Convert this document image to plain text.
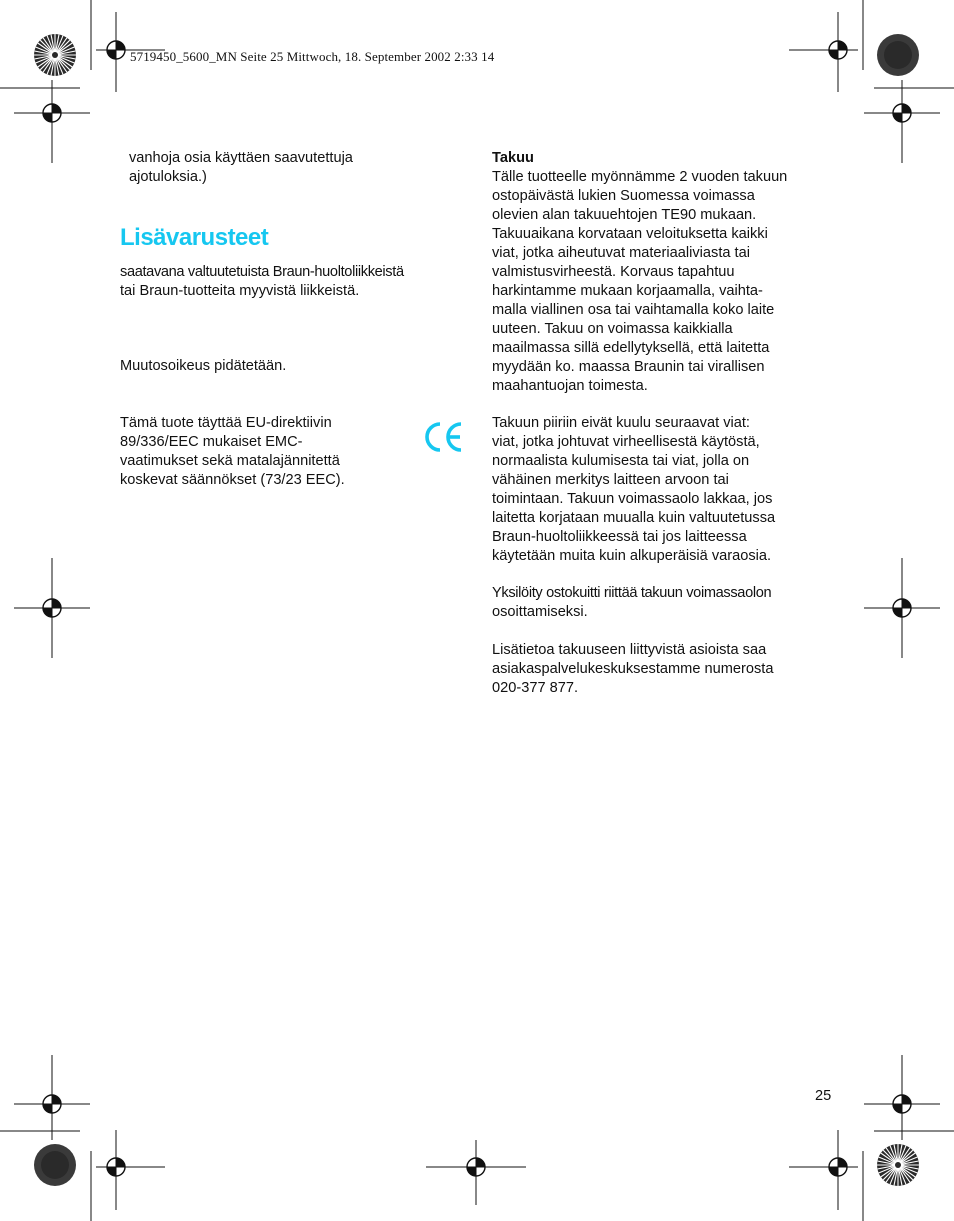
5719450_5600_MN Seite 25 Mittwoch, 18. September 2002 2:33 14

vanhoja osia käyttäen saavutettuja

ajotuloksia.)

Lisävarusteet

saatavana valtuutetuista Braun-huoltoliikkeistä

tai Braun-tuotteita myyvistä liikkeistä.

Muutosoikeus pidätetään.

Tämä tuote täyttää EU-direktiivin

89/336/EEC mukaiset EMC-

vaatimukset sekä matalajännitettä

koskevat säännökset (73/23 EEC).

Takuu

Tälle tuotteelle myönnämme 2 vuoden takuun

ostopäivästä lukien Suomessa voimassa

olevien alan takuuehtojen TE90 mukaan.

Takuuaikana korvataan veloituksetta kaikki

viat, jotka aiheutuvat materiaaliviasta tai

valmistusvirheestä. Korvaus tapahtuu

harkintamme mukaan korjaamalla, vaihta-

malla viallinen osa tai vaihtamalla koko laite

uuteen. Takuu on voimassa kaikkialla

maailmassa sillä edellytyksellä, että laitetta

myydään ko. maassa Braunin tai virallisen

maahantuojan toimesta.

Takuun piiriin eivät kuulu seuraavat viat:

viat, jotka johtuvat virheellisestä käytöstä,

normaalista kulumisesta tai viat, jolla on

vähäinen merkitys laitteen arvoon tai

toimintaan. Takuun voimassaolo lakkaa, jos

laitetta korjataan muualla kuin valtuutetussa

Braun-huoltoliikkeessä tai jos laitteessa

käytetään muita kuin alkuperäisiä varaosia.

Yksilöity ostokuitti riittää takuun voimassaolon

osoittamiseksi.

Lisätietoa takuuseen liittyvistä asioista saa

asiakaspalvelukeskuksestamme numerosta

020-377 877.

25
